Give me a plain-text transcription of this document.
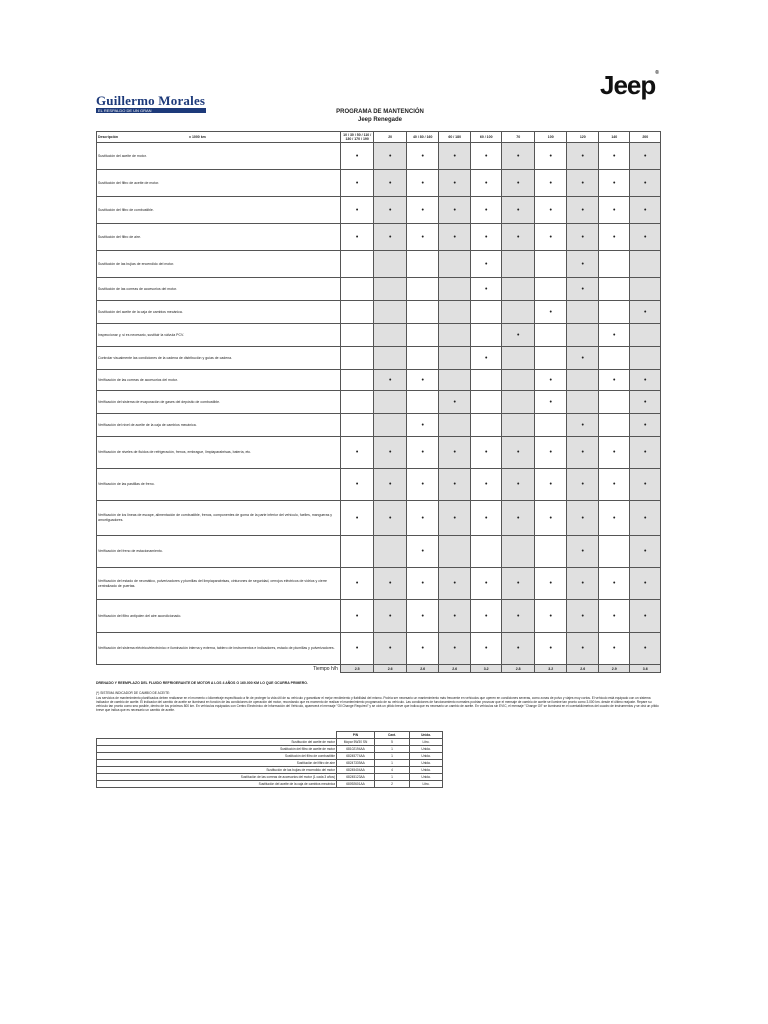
Guillermo Morales
EL RESPALDO DE UN GRAN
Jeep®
PROGRAMA DE MANTENCIÓN
Jeep Renegade
Descripción x 1000 km	10 / 30 / 50 / 110 / 130 / 170 / 190	20	40 / 80 / 160	60 / 180	60 / 100	70	100	120	140	200
Sustitución del aceite de motor.	•	•	•	•	•	•	•	•	•	•
Sustitución del filtro de aceite de motor.	•	•	•	•	•	•	•	•	•	•
Sustitución del filtro de combustible.	•	•	•	•	•	•	•	•	•	•
Sustitución del filtro de aire.	•	•	•	•	•	•	•	•	•	•
Sustitución de las bujías de encendido del motor.					•			•		
Sustitución de las correas de accesorios del motor.					•			•		
Sustitución del aceite de la caja de cambios mecánica.							•			•
Inspeccionar y, si es necesario, sustituir la válvula PCV.						•			•	
Controlar visualmente las condiciones de la cadena de distribución y guías de cadena.					•			•		
Verificación de las correas de accesorios del motor.		•	•				•		•	•
Verificación del sistema de evaporación de gases del depósito de combustible.				•			•			•
Verificación del nivel de aceite de la caja de cambios mecánica.			•					•		•
Verificación de niveles de fluidos de refrigeración, frenos, embrague, limpiaparabrisas, batería, etc.	•	•	•	•	•	•	•	•	•	•
Verificación de las pastillas de freno.	•	•	•	•	•	•	•	•	•	•
Verificación de los líneas de escape, alimentación de combustible, frenos, componentes de goma de la parte inferior del vehículo, fuelles, mangueras y amortiguadores.	•	•	•	•	•	•	•	•	•	•
Verificación del freno de estacionamiento.			•					•		•
Verificación del estado de neumático, pulverizadores y plumillas del limpiaparabrisas, cinturones de seguridad, cerrojos eléctricos de vidrios y cierre centralizado de puertas.	•	•	•	•	•	•	•	•	•	•
Verificación del filtro antipolen del aire acondicionado.	•	•	•	•	•	•	•	•	•	•
Verificación del sistema eléctrico/electrónico e iluminación interna y externa, tablero de instrumentos e indicadores, estado de plumillas y pulverizadores.	•	•	•	•	•	•	•	•	•	•
Tiempo h/h	2.5	2.6	2.6	2.6	3.2	2.8	3.2	2.6	2.9	3.6
DRENADO Y REEMPLAZO DEL FLUIDO REFRIGERANTE DE MOTOR A LOS 4 AÑOS O 160.000 KM LO QUE OCURRA PRIMERO.
(*) SISTEMA INDICADOR DE CAMBIO DE ACEITE:
Los servicios de mantenimiento planificados deben realizarse en el momento o kilometraje especificado a fin de proteger la vida útil de su vehículo y garantizar el mejor rendimiento y fiabilidad del mismo. Podría ser necesario un mantenimiento más frecuente en vehículos que operen en condiciones severas, como zonas de polvo y viajes muy cortos. El vehículo está equipado con un sistema indicador de cambio de aceite. El indicador del cambio de aceite se iluminará en función de las condiciones de operación del motor, recordando que es momento de realizar el mantenimiento programado de su vehículo. Las condiciones de funcionamiento normales podrían provocar que el mensaje de cambio de aceite se ilumine tan pronto como 3.000 km. desde el último reajuste. Repare su vehículo tan pronto como sea posible, dentro de los próximos 800 km. En vehículos equipados con Centro Electrónico de Información del Vehículo, aparecerá el mensaje "Oil Change Required" y se oirá un pitido breve que indica que es necesario un cambio de aceite. En vehículos sin EVIC, el mensaje "Change Oil" se iluminará en el cuentakilómetros del cuadro de instrumentos y se oirá un pitido breve que indica que es necesario un cambio de aceite.
	P/N	Cant.	Unida.
Sustitución del aceite de motor	Mopar 5W30 SN	5	Litro.
Sustitución del filtro de aceite de motor	68102194AA	1	Unida.
Sustitución del filtro de combustible	68245774AA	1	Unida.
Sustitución del filtro de aire	68247339AA	1	Unida.
Sustitución de las bujías de encendido del motor	68245404AA	4	Unida.
Sustitución de las correas de accesorios del motor (1 cada 3 años)	68245123AA	1	Unida.
Sustitución del aceite de la caja de cambios mecánica	68092601AA	2	Litro.
